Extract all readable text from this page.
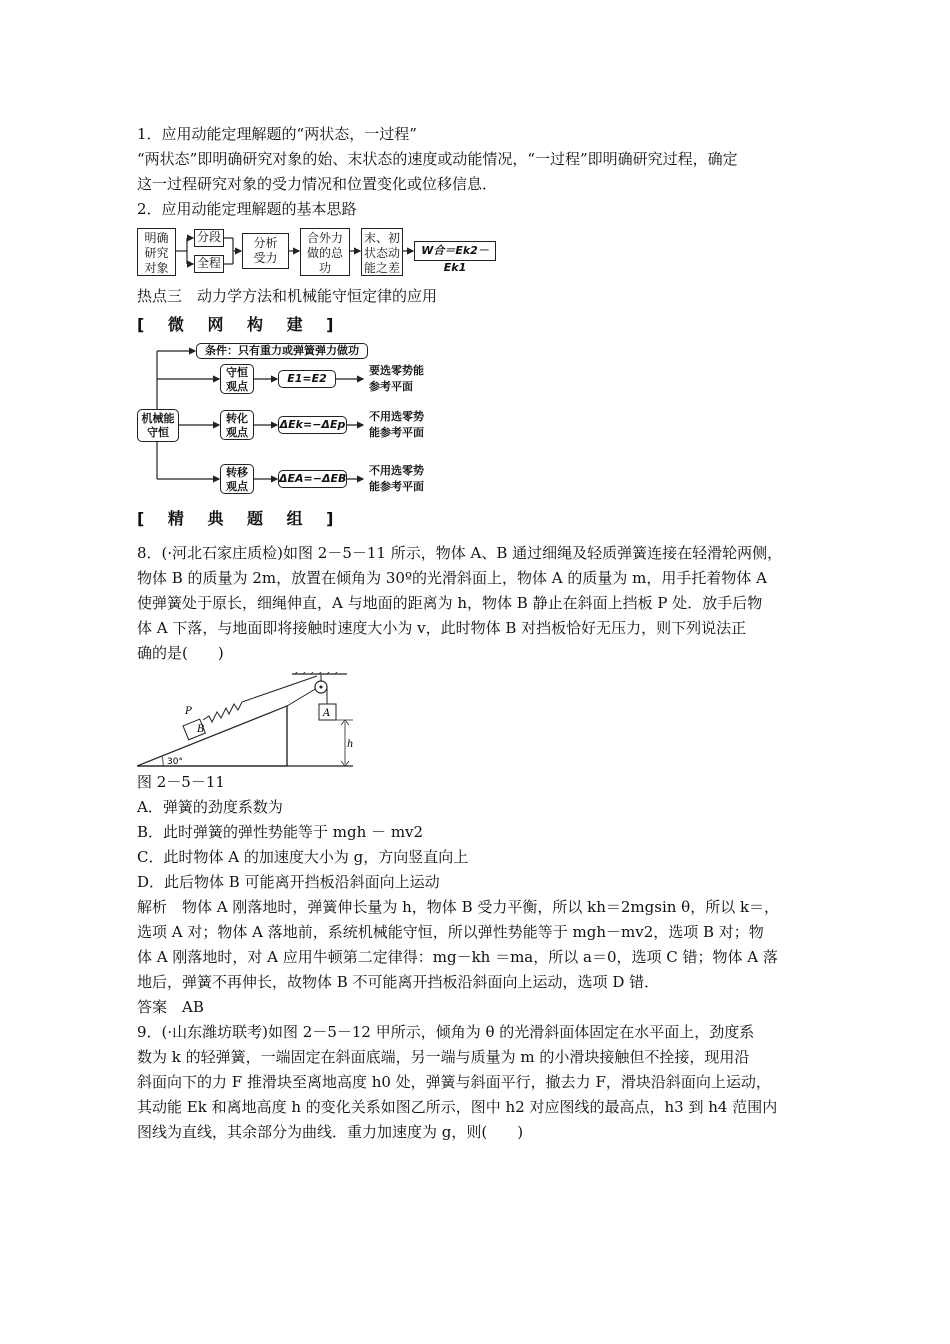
1．应用动能定理解题的“两状态，一过程”

“两状态”即明确研究对象的始、末状态的速度或动能情况，“一过程”即明确研究过程，确定

这一过程研究对象的受力情况和位置变化或位移信息．

2．应用动能定理解题的基本思路

明确
研究
对象
分段
全程
分析
受力
合外力
做的总
功
末、初
状态动
能之差
W合＝Ek2－Ek1

热点三　动力学方法和机械能守恒定律的应用

[ 微 网 构 建 ]
机械能
守恒
条件：只有重力或弹簧弹力做功
守恒
观点
E1=E2
要选零势能
参考平面
转化
观点
ΔEk=−ΔEp
不用选零势
能参考平面
转移
观点
ΔEA=−ΔEB
不用选零势
能参考平面
[ 精 典 题 组 ]

8．(·河北石家庄质检)如图 2－5－11 所示，物体 A、B 通过细绳及轻质弹簧连接在轻滑轮两侧，

物体 B 的质量为 2m，放置在倾角为 30º的光滑斜面上，物体 A 的质量为 m，用手托着物体 A

使弹簧处于原长，细绳伸直，A 与地面的距离为 h，物体 B 静止在斜面上挡板 P 处．放手后物

体 A 下落，与地面即将接触时速度大小为 v，此时物体 B 对挡板恰好无压力，则下列说法正

确的是(　　)

P
B
A
h
30°

图 2－5－11

A．弹簧的劲度系数为

B．此时弹簧的弹性势能等于 mgh － mv2

C．此时物体 A 的加速度大小为 g，方向竖直向上

D．此后物体 B 可能离开挡板沿斜面向上运动

解析　物体 A 刚落地时，弹簧伸长量为 h，物体 B 受力平衡，所以 kh＝2mgsin θ，所以 k＝，

选项 A 对；物体 A 落地前，系统机械能守恒，所以弹性势能等于 mgh－mv2，选项 B 对；物

体 A 刚落地时，对 A 应用牛顿第二定律得：mg－kh ＝ma，所以 a＝0，选项 C 错；物体 A 落

地后，弹簧不再伸长，故物体 B 不可能离开挡板沿斜面向上运动，选项 D 错．

答案　AB

9．(·山东潍坊联考)如图 2－5－12 甲所示，倾角为 θ 的光滑斜面体固定在水平面上，劲度系

数为 k 的轻弹簧，一端固定在斜面底端，另一端与质量为 m 的小滑块接触但不拴接，现用沿

斜面向下的力 F 推滑块至离地高度 h0 处，弹簧与斜面平行，撤去力 F，滑块沿斜面向上运动，

其动能 Ek 和离地高度 h 的变化关系如图乙所示，图中 h2 对应图线的最高点，h3 到 h4 范围内

图线为直线，其余部分为曲线．重力加速度为 g，则(　　)
